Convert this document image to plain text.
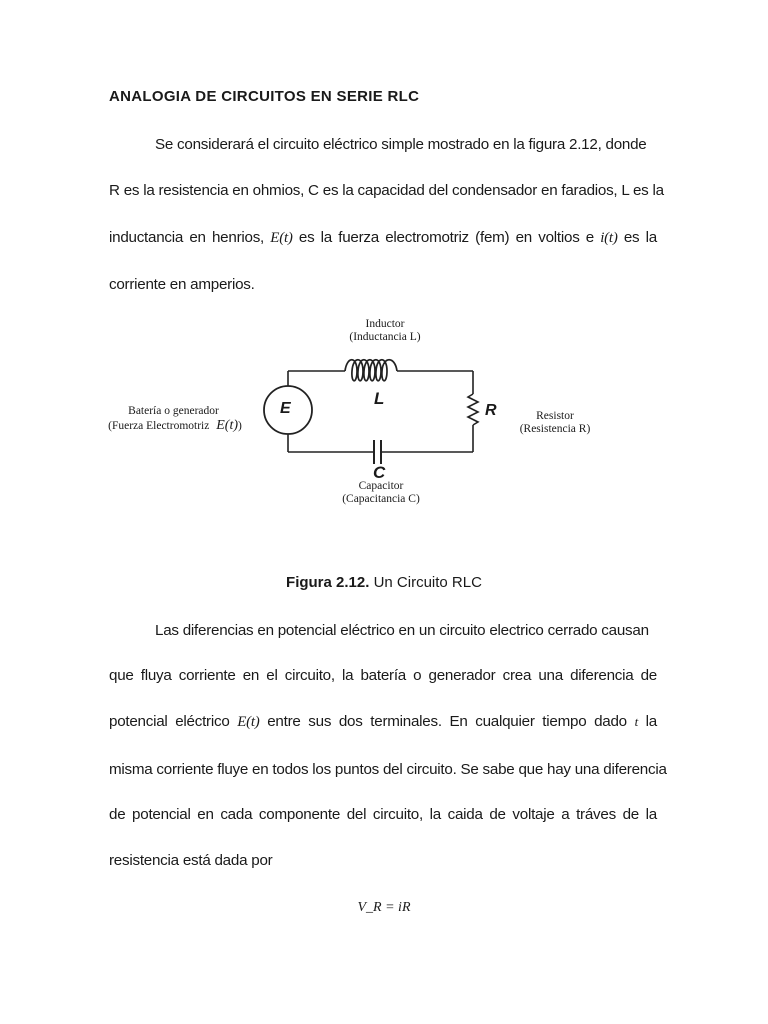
ANALOGIA DE CIRCUITOS EN SERIE RLC
Se considerará el circuito eléctrico simple mostrado en la figura 2.12, donde
R es la resistencia en ohmios, C es la capacidad del condensador en faradios, L es la
inductancia en henrios, E(t) es la fuerza electromotriz (fem) en voltios e i(t) es la
corriente en amperios.
E
L
R
C
Inductor
(Inductancia L)
Batería o generador
(Fuerza Electromotriz E(t))
Resistor
(Resistencia R)
Capacitor
(Capacitancia C)
Figura 2.12. Un Circuito RLC
Las diferencias en potencial eléctrico en un circuito electrico cerrado causan
que fluya corriente en el circuito, la batería o generador crea una diferencia de
potencial eléctrico E(t) entre sus dos terminales. En cualquier tiempo dado t la
misma corriente fluye en todos los puntos del circuito. Se sabe que hay una diferencia
de potencial en cada componente del circuito, la caida de voltaje a tráves de la
resistencia está dada por
V_R = iR
